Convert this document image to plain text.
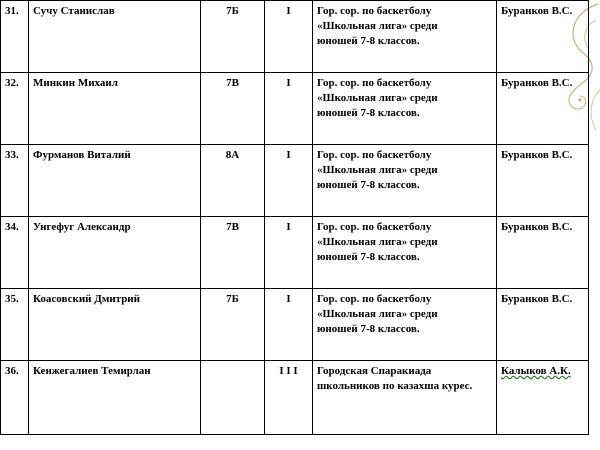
31.	Сучу Станислав	7Б	I	Гор. сор. по баскетболу
«Школьная лига» среди
юношей 7-8 классов.	Буранков В.С.
32.	Минкин Михаил	7В	I	Гор. сор. по баскетболу
«Школьная лига» среди
юношей 7-8 классов.	Буранков В.С.
33.	Фурманов Виталий	8А	I	Гор. сор. по баскетболу
«Школьная лига» среди
юношей 7-8 классов.	Буранков В.С.
34.	Унгефуг Александр	7В	I	Гор. сор. по баскетболу
«Школьная лига» среди
юношей 7-8 классов.	Буранков В.С.
35.	Коасовский Дмитрий	7Б	I	Гор. сор. по баскетболу
«Школьная лига» среди
юношей 7-8 классов.	Буранков В.С.
36.	Кенжегалиев Темирлан		I I I	Городская Спаракиада
школьников по казахша курес.	Калыков А.К.
